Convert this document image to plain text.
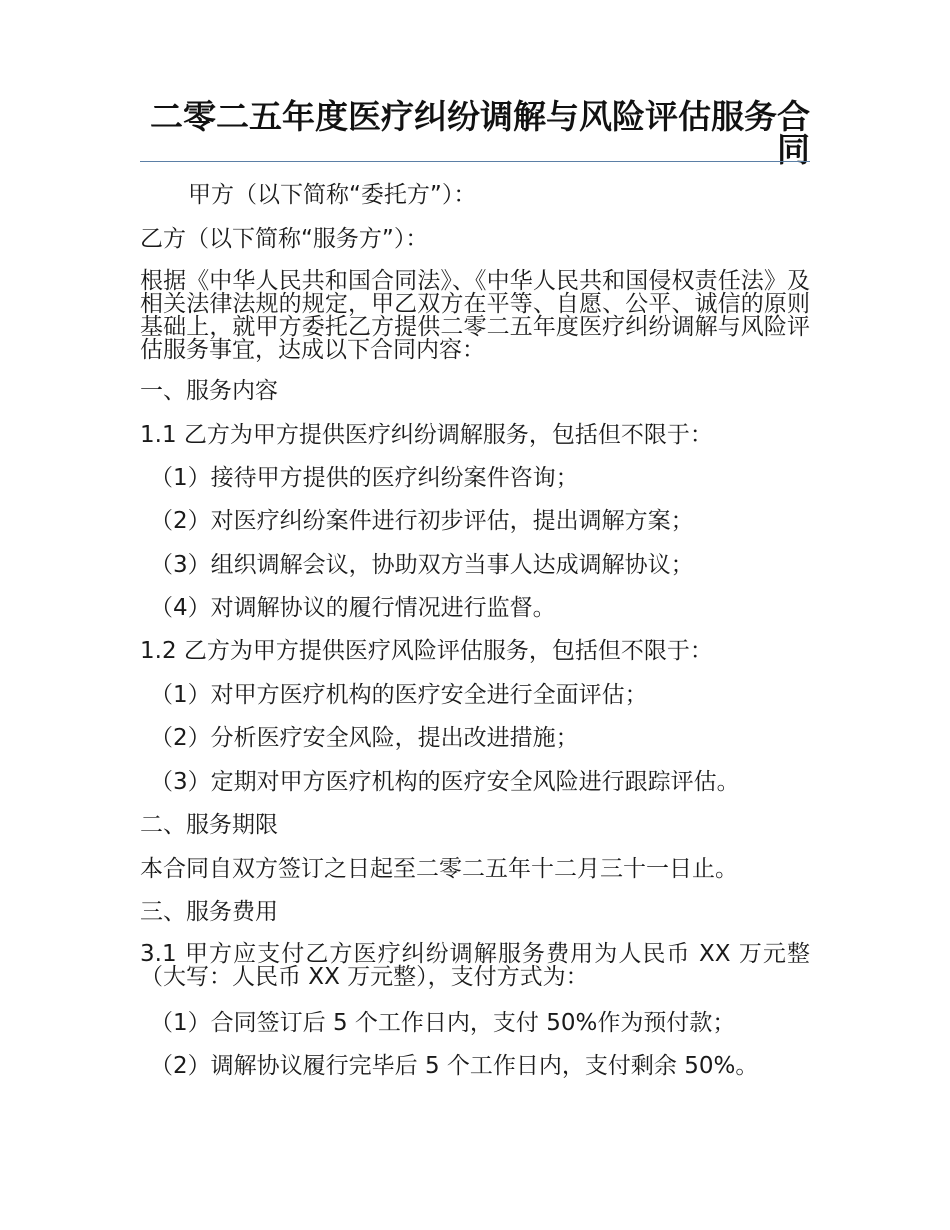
二零二五年度医疗纠纷调解与风险评估服务合同
甲方（以下简称“委托方”）：
乙方（以下简称“服务方”）：
根据《中华人民共和国合同法》、《中华人民共和国侵权责任法》及相关法律法规的规定，甲乙双方在平等、自愿、公平、诚信的原则基础上，就甲方委托乙方提供二零二五年度医疗纠纷调解与风险评估服务事宜，达成以下合同内容：
一、服务内容
1.1 乙方为甲方提供医疗纠纷调解服务，包括但不限于：
（1）接待甲方提供的医疗纠纷案件咨询；
（2）对医疗纠纷案件进行初步评估，提出调解方案；
（3）组织调解会议，协助双方当事人达成调解协议；
（4）对调解协议的履行情况进行监督。
1.2 乙方为甲方提供医疗风险评估服务，包括但不限于：
（1）对甲方医疗机构的医疗安全进行全面评估；
（2）分析医疗安全风险，提出改进措施；
（3）定期对甲方医疗机构的医疗安全风险进行跟踪评估。
二、服务期限
本合同自双方签订之日起至二零二五年十二月三十一日止。
三、服务费用
3.1 甲方应支付乙方医疗纠纷调解服务费用为人民币 XX 万元整（大写：人民币 XX 万元整），支付方式为：
（1）合同签订后 5 个工作日内，支付 50%作为预付款；
（2）调解协议履行完毕后 5 个工作日内，支付剩余 50%。
